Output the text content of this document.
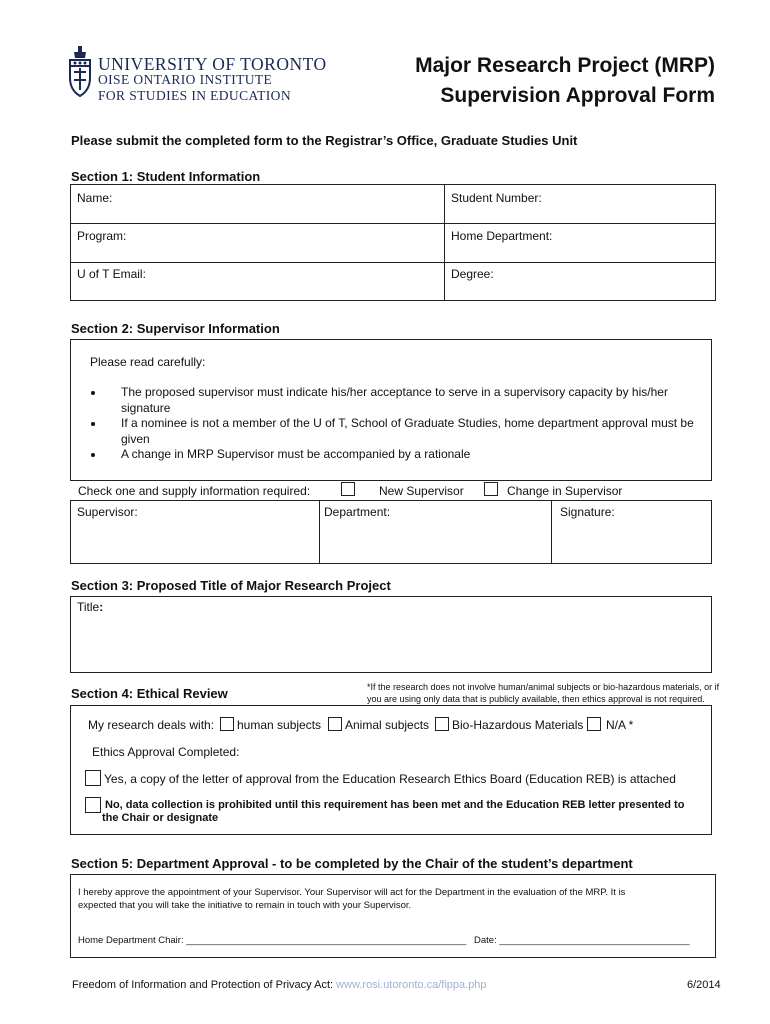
UNIVERSITY OF TORONTO
OISE ONTARIO INSTITUTE
FOR STUDIES IN EDUCATION
Major Research Project (MRP)
Supervision Approval Form
Please submit the completed form to the Registrar’s Office, Graduate Studies Unit
Section 1: Student Information
Name:	Student Number:
Program:	Home Department:
U of T Email:	Degree:
Section 2: Supervisor Information
Please read carefully:
• The proposed supervisor must indicate his/her acceptance to serve in a supervisory capacity by his/her signature
• If a nominee is not a member of the U of T, School of Graduate Studies, home department approval must be given
• A change in MRP Supervisor must be accompanied by a rationale
Check one and supply information required:	New Supervisor	Change in Supervisor
Supervisor:	Department:	Signature:
Section 3: Proposed Title of Major Research Project
Title:
Section 4: Ethical Review	*If the research does not involve human/animal subjects or bio-hazardous materials, or if
you are using only data that is publicly available, then ethics approval is not required.
My research deals with: human subjects Animal subjects Bio-Hazardous Materials N/A *
Ethics Approval Completed:
Yes, a copy of the letter of approval from the Education Research Ethics Board (Education REB) is attached
No, data collection is prohibited until this requirement has been met and the Education REB letter presented to
the Chair or designate
Section 5: Department Approval - to be completed by the Chair of the student’s department
I hereby approve the appointment of your Supervisor. Your Supervisor will act for the Department in the evaluation of the MRP. It is
expected that you will take the initiative to remain in touch with your Supervisor.
Home Department Chair: _____________________________________________________ Date: ____________________________________
Freedom of Information and Protection of Privacy Act: www.rosi.utoronto.ca/fippa.php	6/2014
